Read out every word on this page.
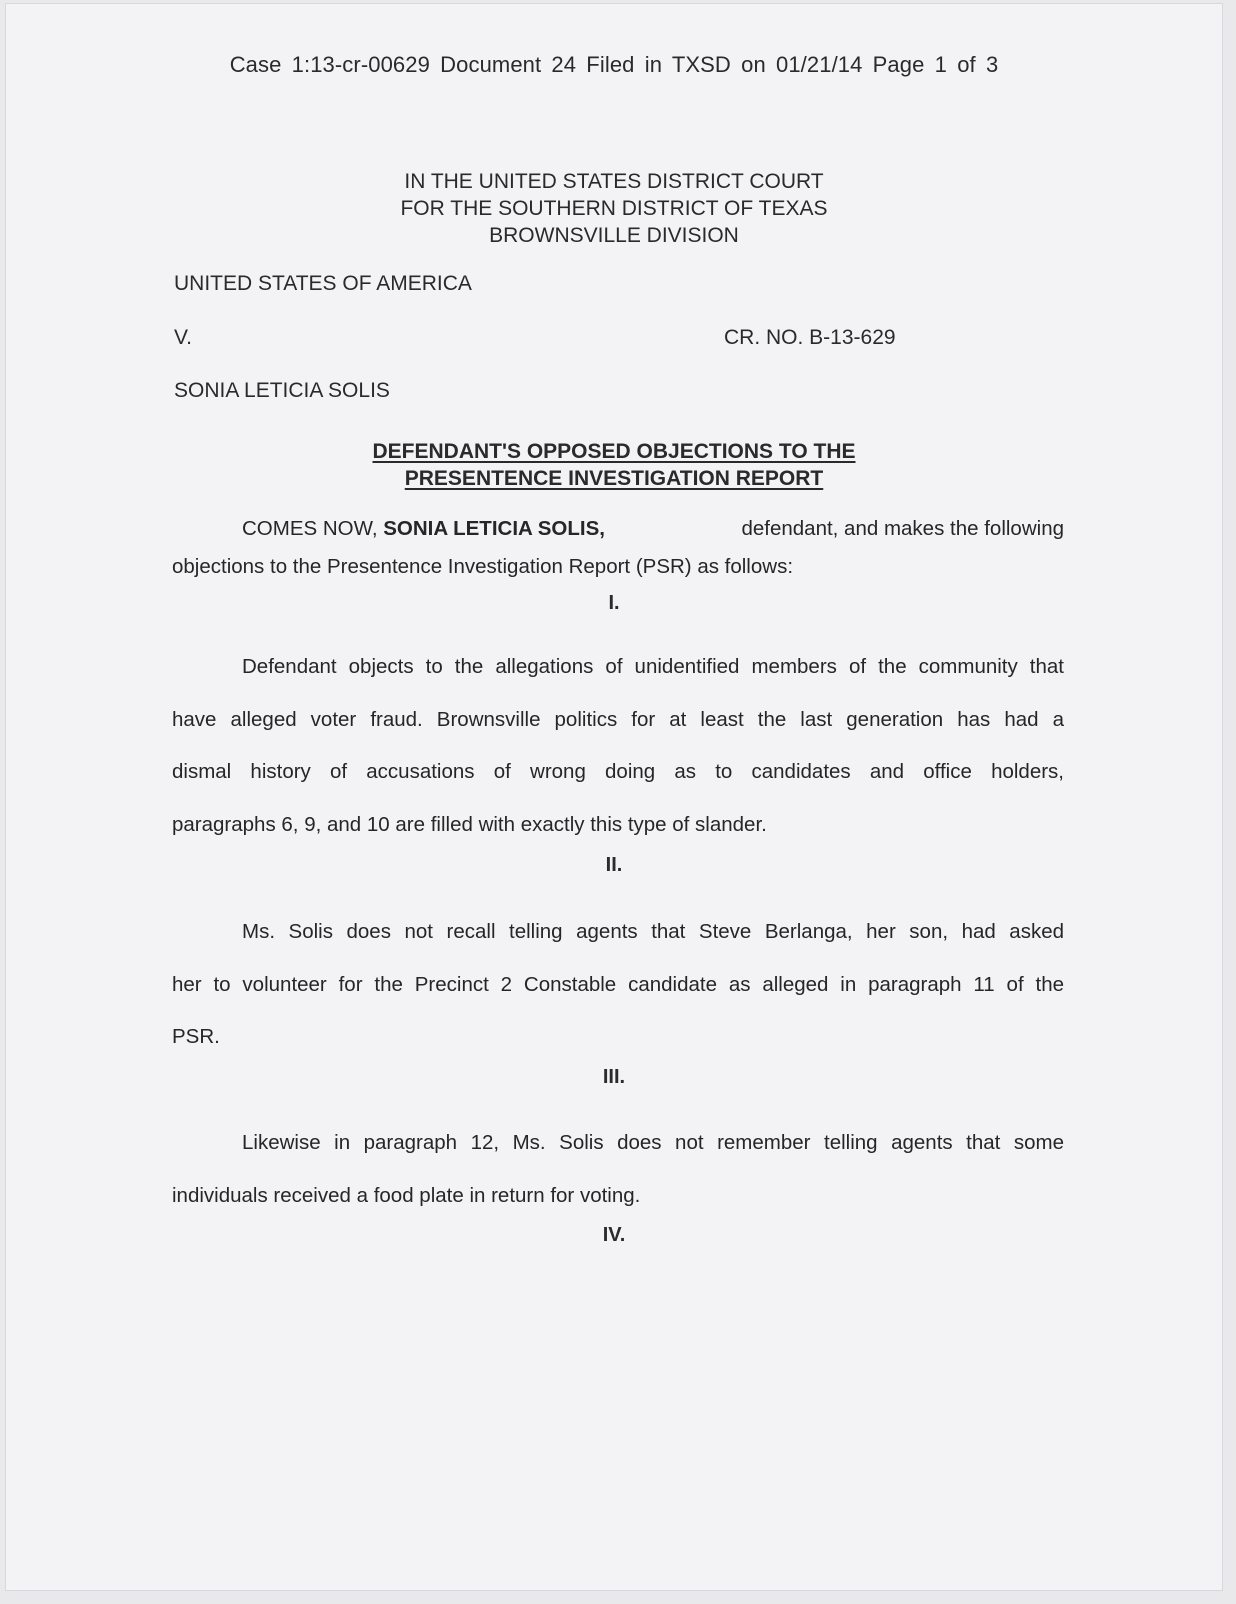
Case 1:13-cr-00629 Document 24 Filed in TXSD on 01/21/14 Page 1 of 3
IN THE UNITED STATES DISTRICT COURT
FOR THE SOUTHERN DISTRICT OF TEXAS
BROWNSVILLE DIVISION
UNITED STATES OF AMERICA
V.	CR. NO. B-13-629
SONIA LETICIA SOLIS
DEFENDANT'S OPPOSED OBJECTIONS TO THE
PRESENTENCE INVESTIGATION REPORT
COMES NOW, SONIA LETICIA SOLIS,	defendant, and makes the following
objections to the Presentence Investigation Report (PSR) as follows:
I.
Defendant objects to the allegations of unidentified members of the community that
have alleged voter fraud. Brownsville politics for at least the last generation has had a
dismal history of accusations of wrong doing as to candidates and office holders,
paragraphs 6, 9, and 10 are filled with exactly this type of slander.
II.
Ms. Solis does not recall telling agents that Steve Berlanga, her son, had asked
her to volunteer for the Precinct 2 Constable candidate as alleged in paragraph 11 of the
PSR.
III.
Likewise in paragraph 12, Ms. Solis does not remember telling agents that some
individuals received a food plate in return for voting.
IV.
